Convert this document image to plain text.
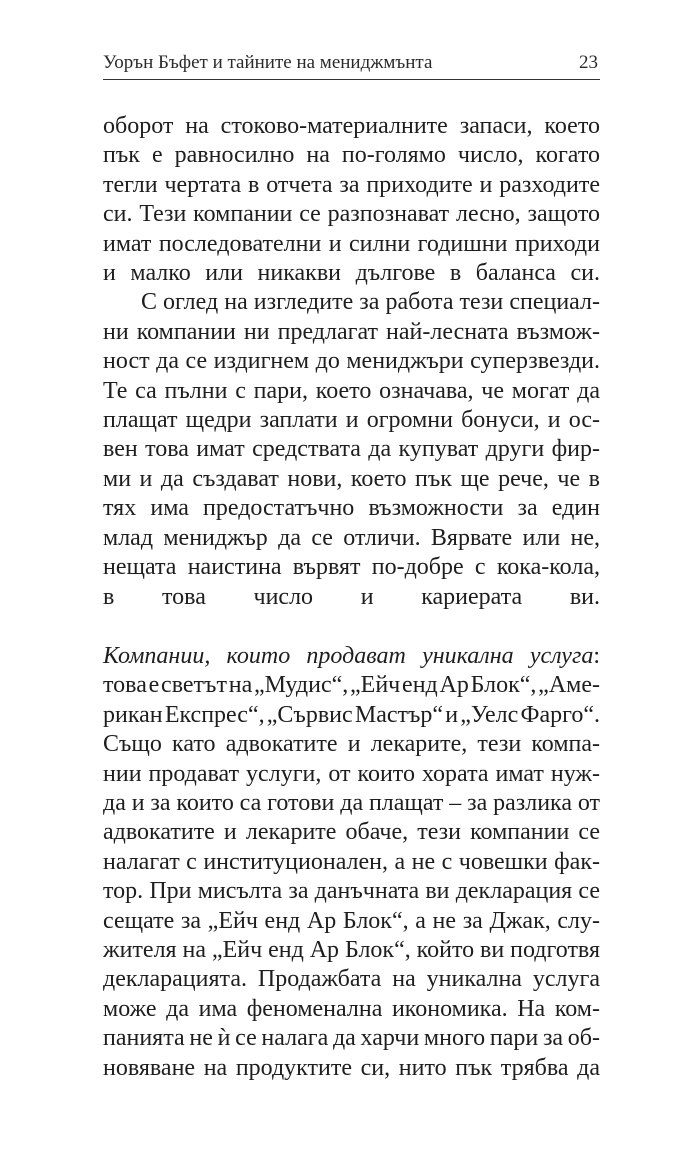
Уорън Бъфет и тайните на мениджмънта	23

оборот на стоково-материалните запаси, което
пък е равносилно на по-голямо число, когато
тегли чертата в отчета за приходите и разходите
си. Тези компании се разпознават лесно, защото
имат последователни и силни годишни приходи
и малко или никакви дългове в баланса си.

С оглед на изгледите за работа тези специал-
ни компании ни предлагат най-лесната възмож-
ност да се издигнем до мениджъри суперзвезди.
Те са пълни с пари, което означава, че могат да
плащат щедри заплати и огромни бонуси, и ос-
вен това имат средствата да купуват други фир-
ми и да създават нови, което пък ще рече, че в
тях има предостатъчно възможности за един
млад мениджър да се отличи. Вярвате или не,
нещата наистина вървят по-добре с кока-кола,
в това число и кариерата ви.

Компании, които продават уникална услуга:
това е светът на „Мудис“, „Ейч енд Ар Блок“, „Аме-
рикан Експрес“, „Сървис Мастър“ и „Уелс Фарго“.
Също като адвокатите и лекарите, тези компа-
нии продават услуги, от които хората имат нуж-
да и за които са готови да плащат – за разлика от
адвокатите и лекарите обаче, тези компании се
налагат с институционален, а не с човешки фак-
тор. При мисълта за данъчната ви декларация се
сещате за „Ейч енд Ар Блок“, а не за Джак, слу-
жителя на „Ейч енд Ар Блок“, който ви подготвя
декларацията. Продажбата на уникална услуга
може да има феноменална икономика. На ком-
панията не ѝ се налага да харчи много пари за об-
новяване на продуктите си, нито пък трябва да
